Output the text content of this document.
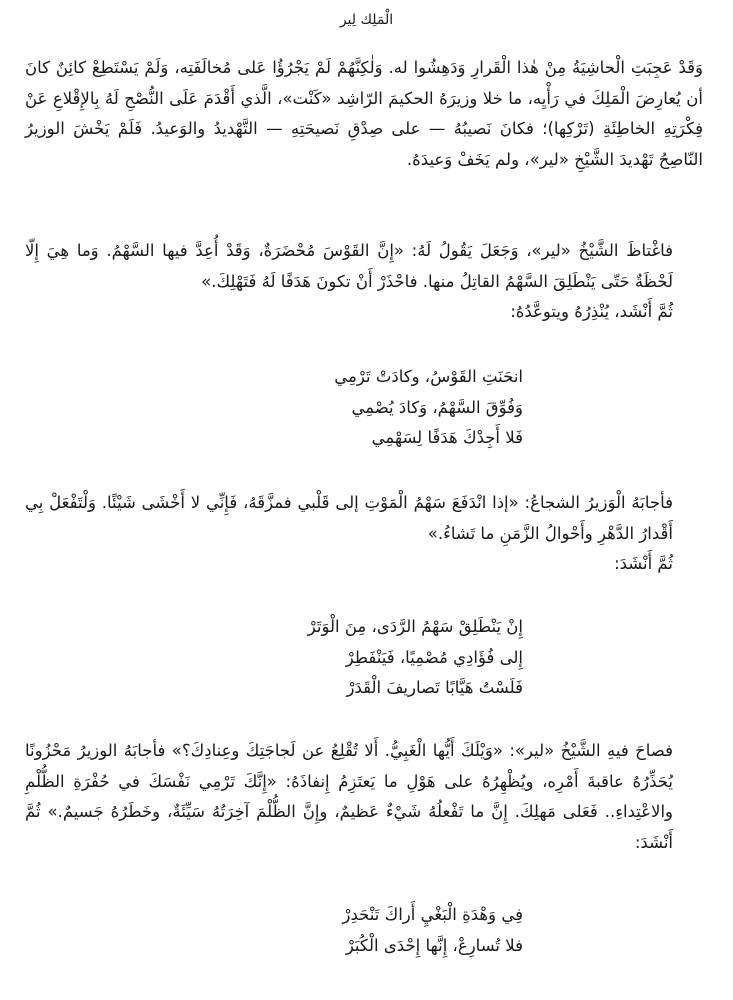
الْمَلِك لِير

وَقَدْ عَجِبَتِ الْحاشِيَةُ مِنْ هٰذا الْقَرارِ وَدَهِشُوا له. وَلٰكِنَّهُمْ لَمْ يَجْرُؤُا عَلى مُخالَفَتِه، وَلَمْ يَسْتَطِعْ كائِنٌ كانَ أن يُعارِضَ الْمَلِكَ في رَأْيِه، ما خلا وزيرَهُ الحكيمَ الرّاشِد «كَنْت»، الَّذي أَقْدَمَ عَلَى النُّصْحِ لَهُ بِالإِقْلاعِ عَنْ فِكْرَتِهِ الخاطِئَةِ (تَرْكِها)؛ فكانَ نَصيبُهُ — على صِدْقِ نَصيحَتِهِ — التَّهْديدُ والوَعيدُ. فَلَمْ يَخْشَ الوزيرُ النّاصِحُ تَهْديدَ الشَّيْخِ «لير»، ولم يَخَفْ وَعيدَهُ.

فاغْتاظَ الشَّيْخُ «لير»، وَجَعَلَ يَقُولُ لَهُ: «إِنَّ القَوْسَ مُحْضَرَةٌ، وَقَدْ أُعِدَّ فيها السَّهْمُ. وَما هِيَ إِلّا لَحْظَةٌ حَتّى يَنْطَلِقَ السَّهْمُ القاتِلُ منها. فاحْذَرْ أَنْ تكونَ هَدَفًا لَهُ فَتَهْلِكَ.»

ثُمَّ أَنْشَد، يُنْذِرُهُ ويتوعَّدُهُ:

انحَنَتِ القَوْسُ، وكادَتْ تَرْمِي
وَفُوِّقَ السَّهْمُ، وَكادَ يُصْمِي
فَلا أَجِدْكَ هَدَفًا لِسَهْمِي

فأجابَهُ الْوَزيرُ الشجاعُ: «إذا انْدَفَعَ سَهْمُ الْمَوْتِ إلى قَلْبي فمزَّقَهُ، فَإِنِّي لا أَخْشَى شَيْئًا. وَلْتَفْعَلْ بِي أَقْدارُ الدَّهْرِ وأَحْوالُ الزَّمَنِ ما تَشاءُ.»

ثُمَّ أَنْشَدَ:

إِنْ يَنْطَلِقْ سَهْمُ الرَّدَى، مِنَ الْوَتَرْ
إِلى فُؤَادِي مُصْمِيًا، فَيَنْفَطِرْ
فَلَسْتُ هَيَّابًا تَصاريفَ الْقَدَرْ

فصاحَ فيهِ الشَّيْخُ «لير»: «وَيْلَكَ أَيُّها الْغَبِيُّ. أَلا تُقْلِعُ عن لَجاجَتِكَ وعِنادِكَ؟» فأجابَهُ الوزيرُ مَحْزُونًا يُحَذِّرُهُ عاقبةَ أَمْرِه، ويُظْهِرُهُ على هَوْلِ ما يَعتَزِمُ إِنفاذَهُ: «إِنَّكَ تَرْمِي نَفْسَكَ في حُفْرَةِ الظُّلْمِ والاعْتِداءِ.. فَعَلى مَهلِكَ. إِنَّ ما تَفْعلُهُ شَيْءٌ عَظيمٌ، وإِنَّ الظُّلْمَ آخِرَتُهُ سَيِّئَةٌ، وخَطَرُهُ جَسيمٌ.» ثُمَّ أَنْشَدَ:

فِي وَهْدَةِ الْبَغْيِ أَراكَ تَنْحَدِرْ
فلا تُسارِعْ، إِنَّها إِحْدَى الْكُبَرْ
